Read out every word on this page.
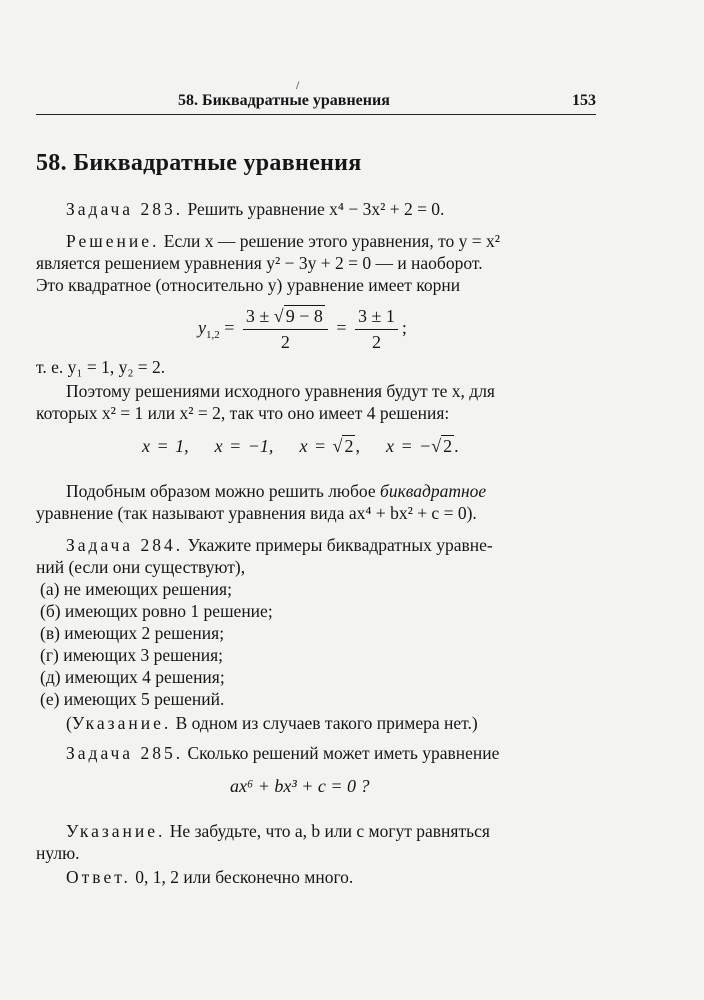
/
58. Биквадратные уравнения	153
58. Биквадратные уравнения
Задача 283. Решить уравнение x⁴ − 3x² + 2 = 0.
Решение. Если x — решение этого уравнения, то y = x²
является решением уравнения y² − 3y + 2 = 0 — и наоборот.
Это квадратное (относительно y) уравнение имеет корни
$y_{1,2} = \frac{3 \pm √ 9 - 8}{2} = \frac{3 \pm 1}{2}$ ;
т. е. y₁ = 1, y₂ = 2.
Поэтому решениями исходного уравнения будут те x, для
которых x² = 1 или x² = 2, так что оно имеет 4 решения:
x = 1, x = −1, x = √ 2 , x = −√ 2 .
Подобным образом можно решить любое биквадратное
уравнение (так называют уравнения вида ax⁴ + bx² + c = 0).
Задача 284. Укажите примеры биквадратных уравне-
ний (если они существуют),
(а) не имеющих решения;
(б) имеющих ровно 1 решение;
(в) имеющих 2 решения;
(г) имеющих 3 решения;
(д) имеющих 4 решения;
(е) имеющих 5 решений.
(Указание. В одном из случаев такого примера нет.)
Задача 285. Сколько решений может иметь уравнение
ax⁶ + bx³ + c = 0 ?
Указание. Не забудьте, что a, b или c могут равняться
нулю.
Ответ. 0, 1, 2 или бесконечно много.
